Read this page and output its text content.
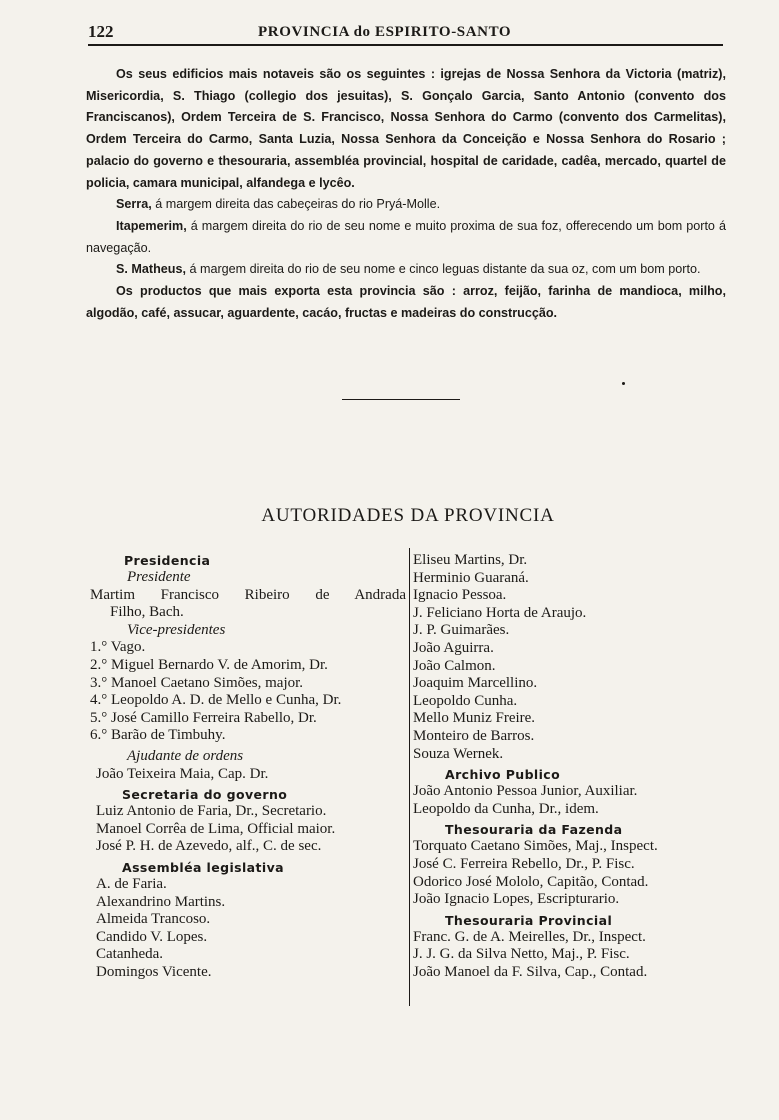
122	PROVINCIA do ESPIRITO-SANTO

Os seus edificios mais notaveis são os seguintes : igrejas de Nossa Senhora da Victoria (matriz), Misericordia, S. Thiago (collegio dos jesuitas), S. Gonçalo Garcia, Santo Antonio (convento dos Franciscanos), Ordem Terceira de S. Francisco, Nossa Senhora do Carmo (convento dos Carmelitas), Ordem Terceira do Carmo, Santa Luzia, Nossa Senhora da Conceição e Nossa Senhora do Rosario ; palacio do governo e thesouraria, assembléa provincial, hospital de caridade, cadêa, mercado, quartel de policia, camara municipal, alfandega e lycêo.

Serra, á margem direita das cabeçeiras do rio Pryá-Molle.

Itapemerim, á margem direita do rio de seu nome e muito proxima de sua foz, offerecendo um bom porto á navegação.

S. Matheus, á margem direita do rio de seu nome e cinco leguas distante da sua oz, com um bom porto.

Os productos que mais exporta esta provincia são : arroz, feijão, farinha de mandioca, milho, algodão, café, assucar, aguardente, cacáo, fructas e madeiras do construcção.

AUTORIDADES DA PROVINCIA
Presidencia
Presidente
Martim Francisco Ribeiro de Andrada
Filho, Bach.
Vice-presidentes
1.° Vago.
2.° Miguel Bernardo V. de Amorim, Dr.
3.° Manoel Caetano Simões, major.
4.° Leopoldo A. D. de Mello e Cunha, Dr.
5.° José Camillo Ferreira Rabello, Dr.
6.° Barão de Timbuhy.
Ajudante de ordens
João Teixeira Maia, Cap. Dr.
Secretaria do governo
Luiz Antonio de Faria, Dr., Secretario.
Manoel Corrêa de Lima, Official maior.
José P. H. de Azevedo, alf., C. de sec.
Assembléa legislativa
A. de Faria.
Alexandrino Martins.
Almeida Trancoso.
Candido V. Lopes.
Catanheda.
Domingos Vicente.
Eliseu Martins, Dr.
Herminio Guaraná.
Ignacio Pessoa.
J. Feliciano Horta de Araujo.
J. P. Guimarães.
João Aguirra.
João Calmon.
Joaquim Marcellino.
Leopoldo Cunha.
Mello Muniz Freire.
Monteiro de Barros.
Souza Wernek.
Archivo Publico
João Antonio Pessoa Junior, Auxiliar.
Leopoldo da Cunha, Dr., idem.
Thesouraria da Fazenda
Torquato Caetano Simões, Maj., Inspect.
José C. Ferreira Rebello, Dr., P. Fisc.
Odorico José Mololo, Capitão, Contad.
João Ignacio Lopes, Escripturario.
Thesouraria Provincial
Franc. G. de A. Meirelles, Dr., Inspect.
J. J. G. da Silva Netto, Maj., P. Fisc.
João Manoel da F. Silva, Cap., Contad.
